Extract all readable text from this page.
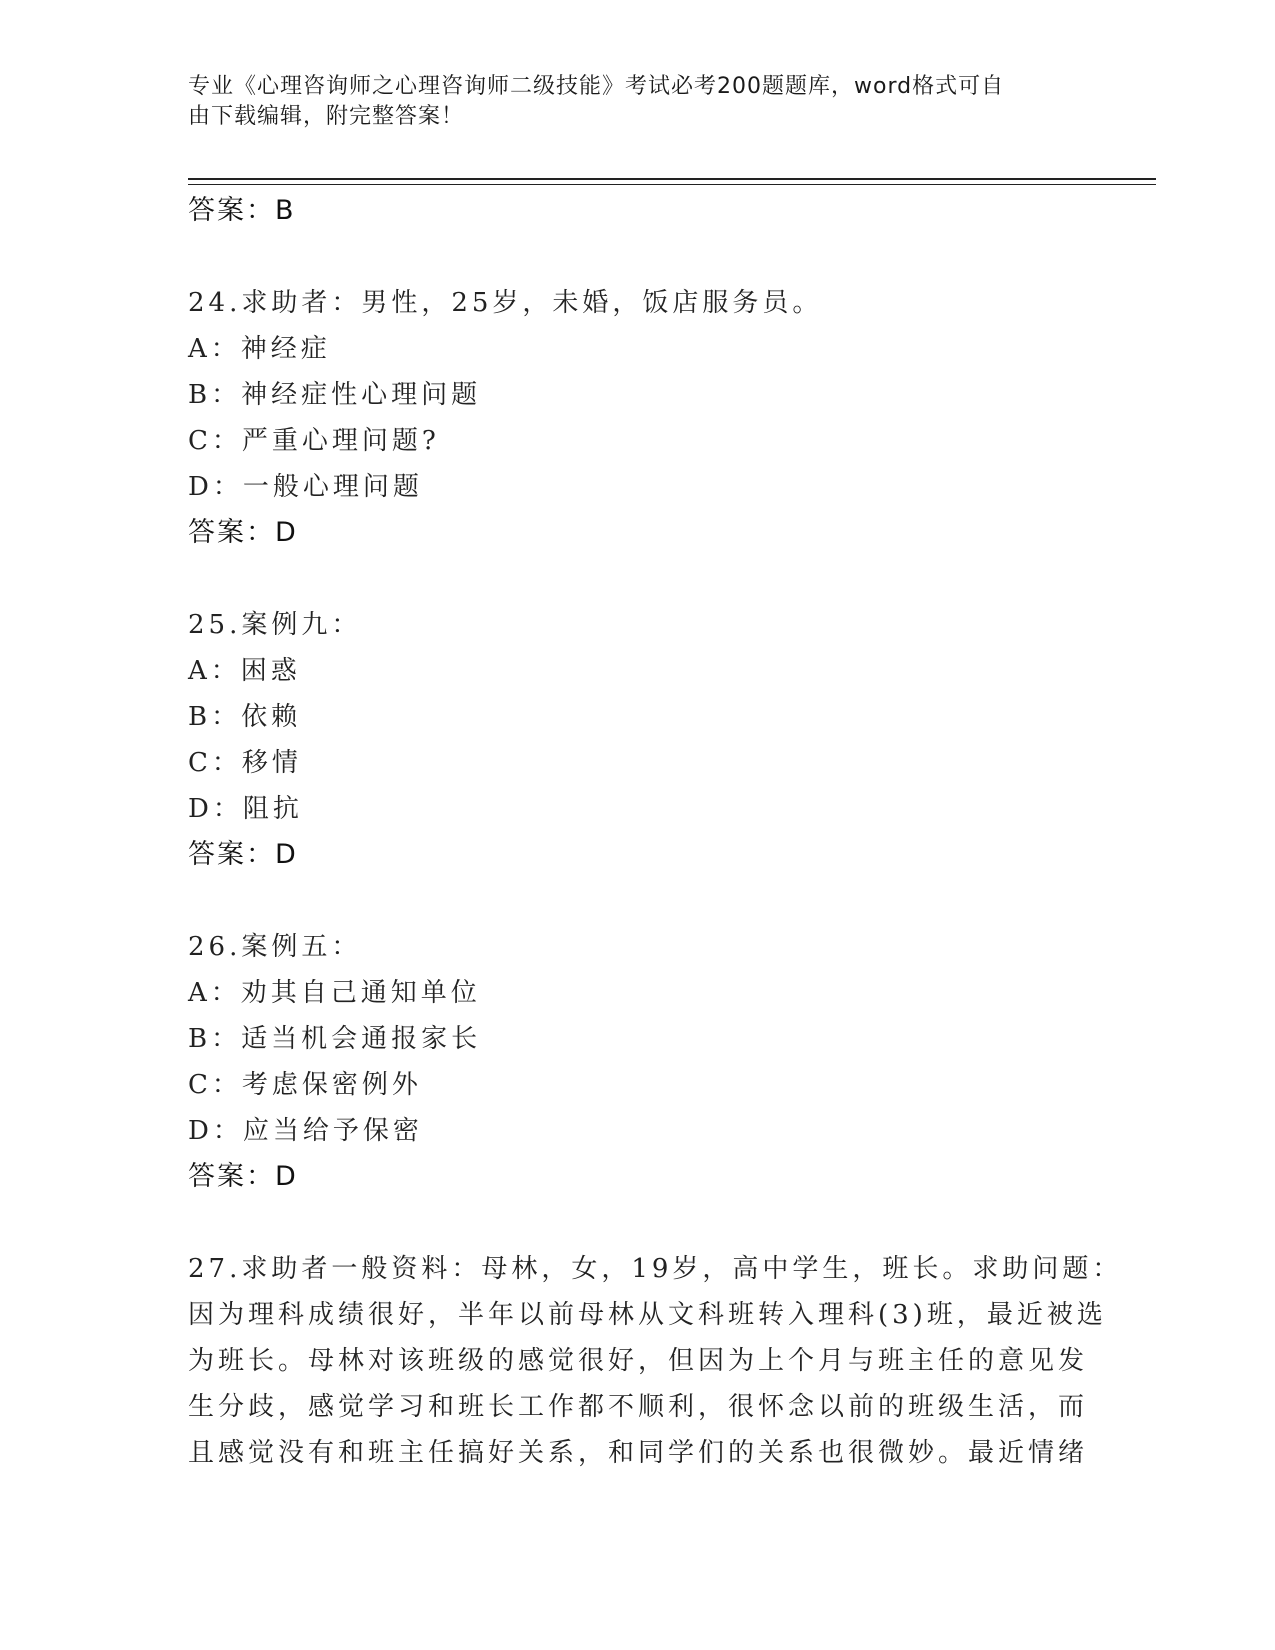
专业《心理咨询师之心理咨询师二级技能》考试必考200题题库，word格式可自
由下载编辑，附完整答案！
答案：B
24.求助者：男性，25岁，未婚，饭店服务员。
A：神经症
B：神经症性心理问题
C：严重心理问题?
D：一般心理问题
答案：D
25.案例九：
A：困惑
B：依赖
C：移情
D：阻抗
答案：D
26.案例五：
A：劝其自己通知单位
B：适当机会通报家长
C：考虑保密例外
D：应当给予保密
答案：D
27.求助者一般资料：母林，女，19岁，高中学生，班长。求助问题：
因为理科成绩很好，半年以前母林从文科班转入理科(3)班，最近被选
为班长。母林对该班级的感觉很好，但因为上个月与班主任的意见发
生分歧，感觉学习和班长工作都不顺利，很怀念以前的班级生活，而
且感觉没有和班主任搞好关系，和同学们的关系也很微妙。最近情绪
